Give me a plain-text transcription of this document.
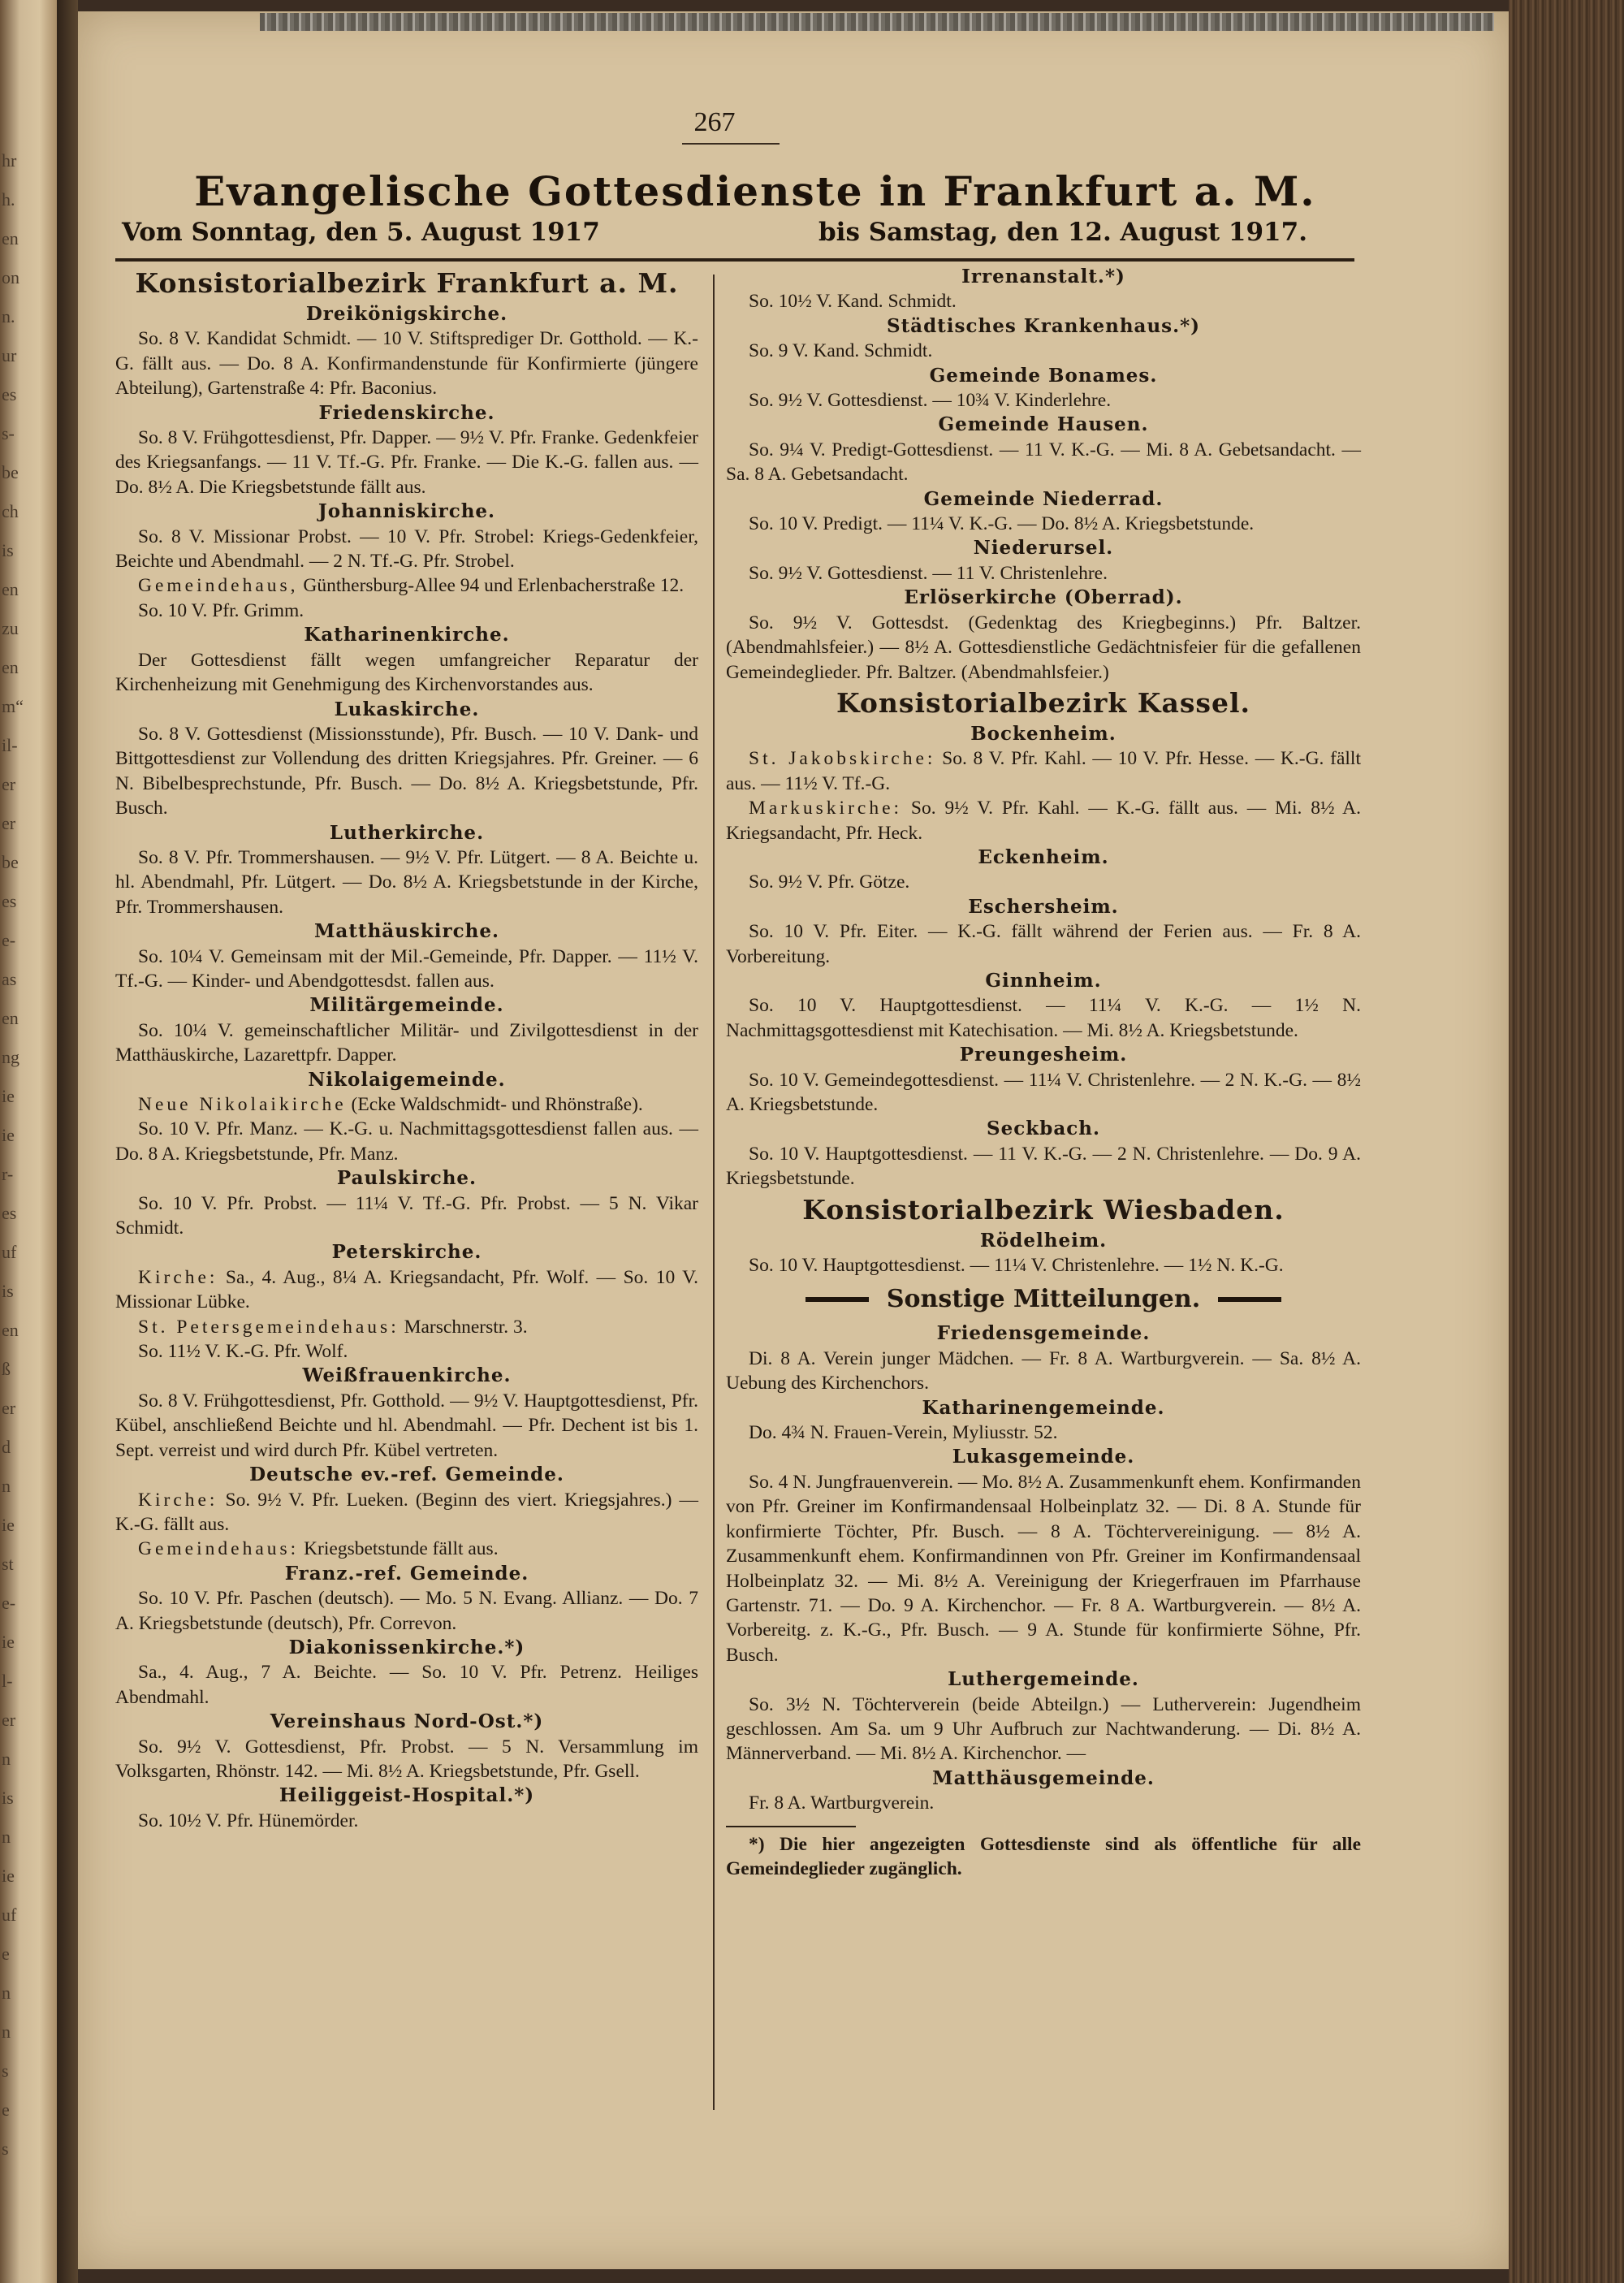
hr
h.
en
on
n.
ur
es
s-
be
ch
is
en
zu
en
m“
il-
er
er
be
es
e-
as
en
ng
ie
ie
r-
es
uf
is
en
ß
er
d
n
ie
st
e-
ie
l-
er
n
is
n
ie
uf
e
n
n
s
e
s
267
Evangelische Gottesdienste in Frankfurt a. M.
Vom Sonntag, den 5. August 1917	bis Samstag, den 12. August 1917.
Konsistorialbezirk Frankfurt a. M.
Dreikönigskirche.

So. 8 V. Kandidat Schmidt. — 10 V. Stiftsprediger Dr. Gotthold. — K.-G. fällt aus. — Do. 8 A. Konfirmandenstunde für Konfirmierte (jüngere Abteilung), Gartenstraße 4: Pfr. Baconius.

Friedenskirche.

So. 8 V. Frühgottesdienst, Pfr. Dapper. — 9½ V. Pfr. Franke. Gedenkfeier des Kriegsanfangs. — 11 V. Tf.-G. Pfr. Franke. — Die K.-G. fallen aus. — Do. 8½ A. Die Kriegsbetstunde fällt aus.

Johanniskirche.

So. 8 V. Missionar Probst. — 10 V. Pfr. Strobel: Kriegs-Gedenkfeier, Beichte und Abendmahl. — 2 N. Tf.-G. Pfr. Strobel.

Gemeindehaus, Günthersburg-Allee 94 und Erlenbacherstraße 12.

So. 10 V. Pfr. Grimm.

Katharinenkirche.

Der Gottesdienst fällt wegen umfangreicher Reparatur der Kirchenheizung mit Genehmigung des Kirchenvorstandes aus.

Lukaskirche.

So. 8 V. Gottesdienst (Missionsstunde), Pfr. Busch. — 10 V. Dank- und Bittgottesdienst zur Vollendung des dritten Kriegsjahres. Pfr. Greiner. — 6 N. Bibelbesprechstunde, Pfr. Busch. — Do. 8½ A. Kriegsbetstunde, Pfr. Busch.

Lutherkirche.

So. 8 V. Pfr. Trommershausen. — 9½ V. Pfr. Lütgert. — 8 A. Beichte u. hl. Abendmahl, Pfr. Lütgert. — Do. 8½ A. Kriegsbetstunde in der Kirche, Pfr. Trommershausen.

Matthäuskirche.

So. 10¼ V. Gemeinsam mit der Mil.-Gemeinde, Pfr. Dapper. — 11½ V. Tf.-G. — Kinder- und Abendgottesdst. fallen aus.

Militärgemeinde.

So. 10¼ V. gemeinschaftlicher Militär- und Zivilgottesdienst in der Matthäuskirche, Lazarettpfr. Dapper.

Nikolaigemeinde.

Neue Nikolaikirche (Ecke Waldschmidt- und Rhönstraße).

So. 10 V. Pfr. Manz. — K.-G. u. Nachmittagsgottesdienst fallen aus. — Do. 8 A. Kriegsbetstunde, Pfr. Manz.

Paulskirche.

So. 10 V. Pfr. Probst. — 11¼ V. Tf.-G. Pfr. Probst. — 5 N. Vikar Schmidt.

Peterskirche.

Kirche: Sa., 4. Aug., 8¼ A. Kriegsandacht, Pfr. Wolf. — So. 10 V. Missionar Lübke.

St. Petersgemeindehaus: Marschnerstr. 3.

So. 11½ V. K.-G. Pfr. Wolf.

Weißfrauenkirche.

So. 8 V. Frühgottesdienst, Pfr. Gotthold. — 9½ V. Hauptgottesdienst, Pfr. Kübel, anschließend Beichte und hl. Abendmahl. — Pfr. Dechent ist bis 1. Sept. verreist und wird durch Pfr. Kübel vertreten.

Deutsche ev.-ref. Gemeinde.

Kirche: So. 9½ V. Pfr. Lueken. (Beginn des viert. Kriegsjahres.) — K.-G. fällt aus.

Gemeindehaus: Kriegsbetstunde fällt aus.

Franz.-ref. Gemeinde.

So. 10 V. Pfr. Paschen (deutsch). — Mo. 5 N. Evang. Allianz. — Do. 7 A. Kriegsbetstunde (deutsch), Pfr. Correvon.

Diakonissenkirche.*)

Sa., 4. Aug., 7 A. Beichte. — So. 10 V. Pfr. Petrenz. Heiliges Abendmahl.

Vereinshaus Nord-Ost.*)

So. 9½ V. Gottesdienst, Pfr. Probst. — 5 N. Versammlung im Volksgarten, Rhönstr. 142. — Mi. 8½ A. Kriegsbetstunde, Pfr. Gsell.

Heiliggeist-Hospital.*)

So. 10½ V. Pfr. Hünemörder.

Irrenanstalt.*)

So. 10½ V. Kand. Schmidt.

Städtisches Krankenhaus.*)

So. 9 V. Kand. Schmidt.

Gemeinde Bonames.

So. 9½ V. Gottesdienst. — 10¾ V. Kinderlehre.

Gemeinde Hausen.

So. 9¼ V. Predigt-Gottesdienst. — 11 V. K.-G. — Mi. 8 A. Gebetsandacht. — Sa. 8 A. Gebetsandacht.

Gemeinde Niederrad.

So. 10 V. Predigt. — 11¼ V. K.-G. — Do. 8½ A. Kriegsbetstunde.

Niederursel.

So. 9½ V. Gottesdienst. — 11 V. Christenlehre.

Erlöserkirche (Oberrad).

So. 9½ V. Gottesdst. (Gedenktag des Kriegbeginns.) Pfr. Baltzer. (Abendmahlsfeier.) — 8½ A. Gottesdienstliche Gedächtnisfeier für die gefallenen Gemeindeglieder. Pfr. Baltzer. (Abendmahlsfeier.)

Konsistorialbezirk Kassel.
Bockenheim.

St. Jakobskirche: So. 8 V. Pfr. Kahl. — 10 V. Pfr. Hesse. — K.-G. fällt aus. — 11½ V. Tf.-G.

Markuskirche: So. 9½ V. Pfr. Kahl. — K.-G. fällt aus. — Mi. 8½ A. Kriegsandacht, Pfr. Heck.

Eckenheim.

So. 9½ V. Pfr. Götze.

Eschersheim.

So. 10 V. Pfr. Eiter. — K.-G. fällt während der Ferien aus. — Fr. 8 A. Vorbereitung.

Ginnheim.

So. 10 V. Hauptgottesdienst. — 11¼ V. K.-G. — 1½ N. Nachmittagsgottesdienst mit Katechisation. — Mi. 8½ A. Kriegsbetstunde.

Preungesheim.

So. 10 V. Gemeindegottesdienst. — 11¼ V. Christenlehre. — 2 N. K.-G. — 8½ A. Kriegsbetstunde.

Seckbach.

So. 10 V. Hauptgottesdienst. — 11 V. K.-G. — 2 N. Christenlehre. — Do. 9 A. Kriegsbetstunde.

Konsistorialbezirk Wiesbaden.
Rödelheim.

So. 10 V. Hauptgottesdienst. — 11¼ V. Christenlehre. — 1½ N. K.-G.

Sonstige Mitteilungen.
Friedensgemeinde.

Di. 8 A. Verein junger Mädchen. — Fr. 8 A. Wartburgverein. — Sa. 8½ A. Uebung des Kirchenchors.

Katharinengemeinde.

Do. 4¾ N. Frauen-Verein, Myliusstr. 52.

Lukasgemeinde.

So. 4 N. Jungfrauenverein. — Mo. 8½ A. Zusammenkunft ehem. Konfirmanden von Pfr. Greiner im Konfirmandensaal Holbeinplatz 32. — Di. 8 A. Stunde für konfirmierte Töchter, Pfr. Busch. — 8 A. Töchtervereinigung. — 8½ A. Zusammenkunft ehem. Konfirmandinnen von Pfr. Greiner im Konfirmandensaal Holbeinplatz 32. — Mi. 8½ A. Vereinigung der Kriegerfrauen im Pfarrhause Gartenstr. 71. — Do. 9 A. Kirchenchor. — Fr. 8 A. Wartburgverein. — 8½ A. Vorbereitg. z. K.-G., Pfr. Busch. — 9 A. Stunde für konfirmierte Söhne, Pfr. Busch.

Luthergemeinde.

So. 3½ N. Töchterverein (beide Abteilgn.) — Lutherverein: Jugendheim geschlossen. Am Sa. um 9 Uhr Aufbruch zur Nachtwanderung. — Di. 8½ A. Männerverband. — Mi. 8½ A. Kirchenchor. —

Matthäusgemeinde.

Fr. 8 A. Wartburgverein.

*) Die hier angezeigten Gottesdienste sind als öffentliche für alle Gemeindeglieder zugänglich.
